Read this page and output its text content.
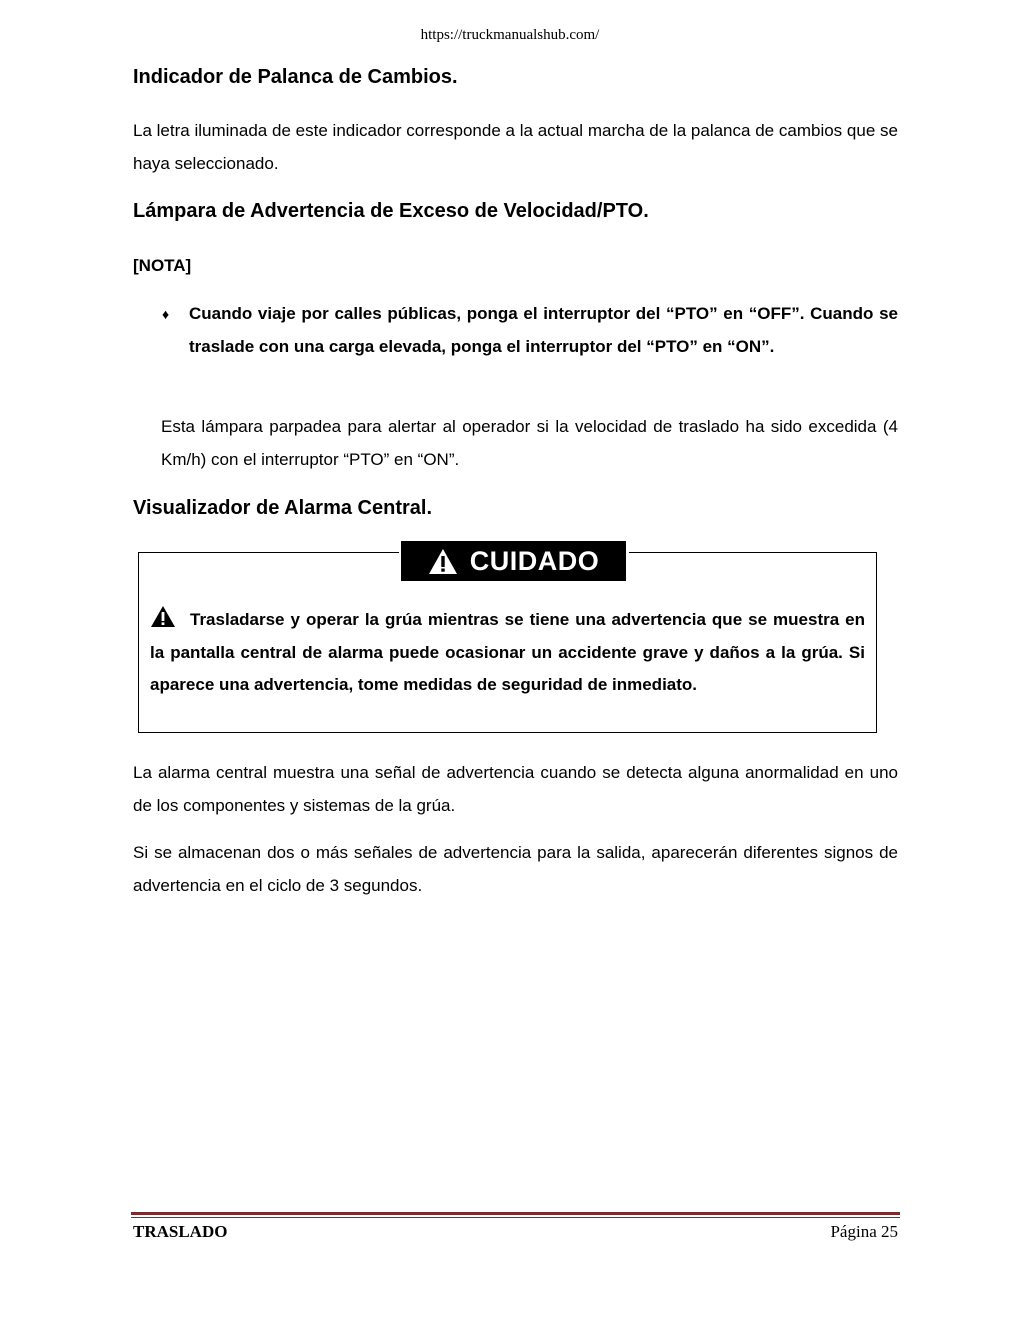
https://truckmanualshub.com/
Indicador de Palanca de Cambios.

La letra iluminada de este indicador corresponde a la actual marcha de la palanca de cambios que se haya seleccionado.

Lámpara de Advertencia de Exceso de Velocidad/PTO.
[NOTA]
♦ Cuando viaje por calles públicas, ponga el interruptor del “PTO” en “OFF”. Cuando se traslade con una carga elevada, ponga el interruptor del “PTO” en “ON”.

Esta lámpara parpadea para alertar al operador si la velocidad de traslado ha sido excedida (4 Km/h) con el interruptor “PTO” en “ON”.

Visualizador de Alarma Central.
CUIDADO
Trasladarse y operar la grúa mientras se tiene una advertencia que se muestra en la pantalla central de alarma puede ocasionar un accidente grave y daños a la grúa. Si aparece una advertencia, tome medidas de seguridad de inmediato.

La alarma central muestra una señal de advertencia cuando se detecta alguna anormalidad en uno de los componentes y sistemas de la grúa.

Si se almacenan dos o más señales de advertencia para la salida, aparecerán diferentes signos de advertencia en el ciclo de 3 segundos.

TRASLADO	Página 25
